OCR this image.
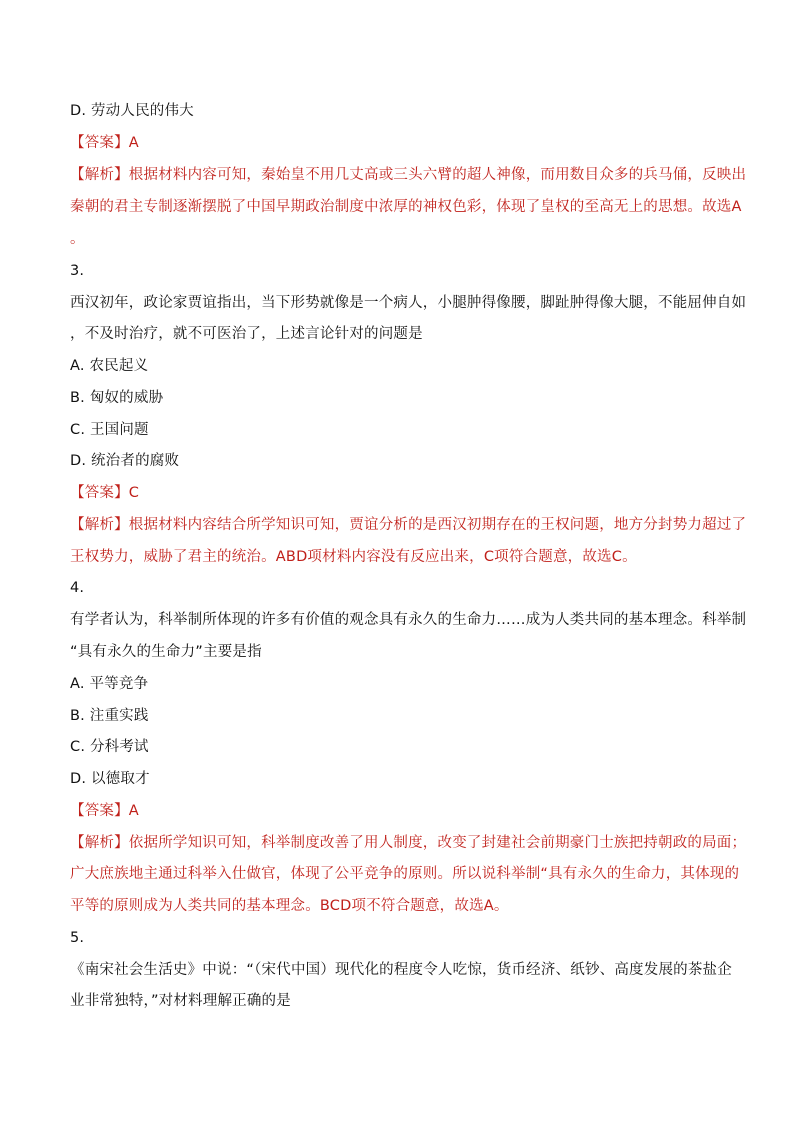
D. 劳动人民的伟大
【答案】A
【解析】根据材料内容可知，秦始皇不用几丈高或三头六臂的超人神像，而用数目众多的兵马俑，反映出
秦朝的君主专制逐渐摆脱了中国早期政治制度中浓厚的神权色彩，体现了皇权的至高无上的思想。故选A
。
3.
西汉初年，政论家贾谊指出，当下形势就像是一个病人，小腿肿得像腰，脚趾肿得像大腿，不能屈伸自如
，不及时治疗，就不可医治了，上述言论针对的问题是
A. 农民起义
B. 匈奴的威胁
C. 王国问题
D. 统治者的腐败
【答案】C
【解析】根据材料内容结合所学知识可知，贾谊分析的是西汉初期存在的王权问题，地方分封势力超过了
王权势力，威胁了君主的统治。ABD项材料内容没有反应出来，C项符合题意，故选C。
4.
有学者认为，科举制所体现的许多有价值的观念具有永久的生命力……成为人类共同的基本理念。科举制
“具有永久的生命力”主要是指
A. 平等竞争
B. 注重实践
C. 分科考试
D. 以德取才
【答案】A
【解析】依据所学知识可知，科举制度改善了用人制度，改变了封建社会前期豪门士族把持朝政的局面；
广大庶族地主通过科举入仕做官，体现了公平竞争的原则。所以说科举制“具有永久的生命力，其体现的
平等的原则成为人类共同的基本理念。BCD项不符合题意，故选A。
5.
《南宋社会生活史》中说：“（宋代中国）现代化的程度令人吃惊，货币经济、纸钞、高度发展的茶盐企
业非常独特，”对材料理解正确的是
